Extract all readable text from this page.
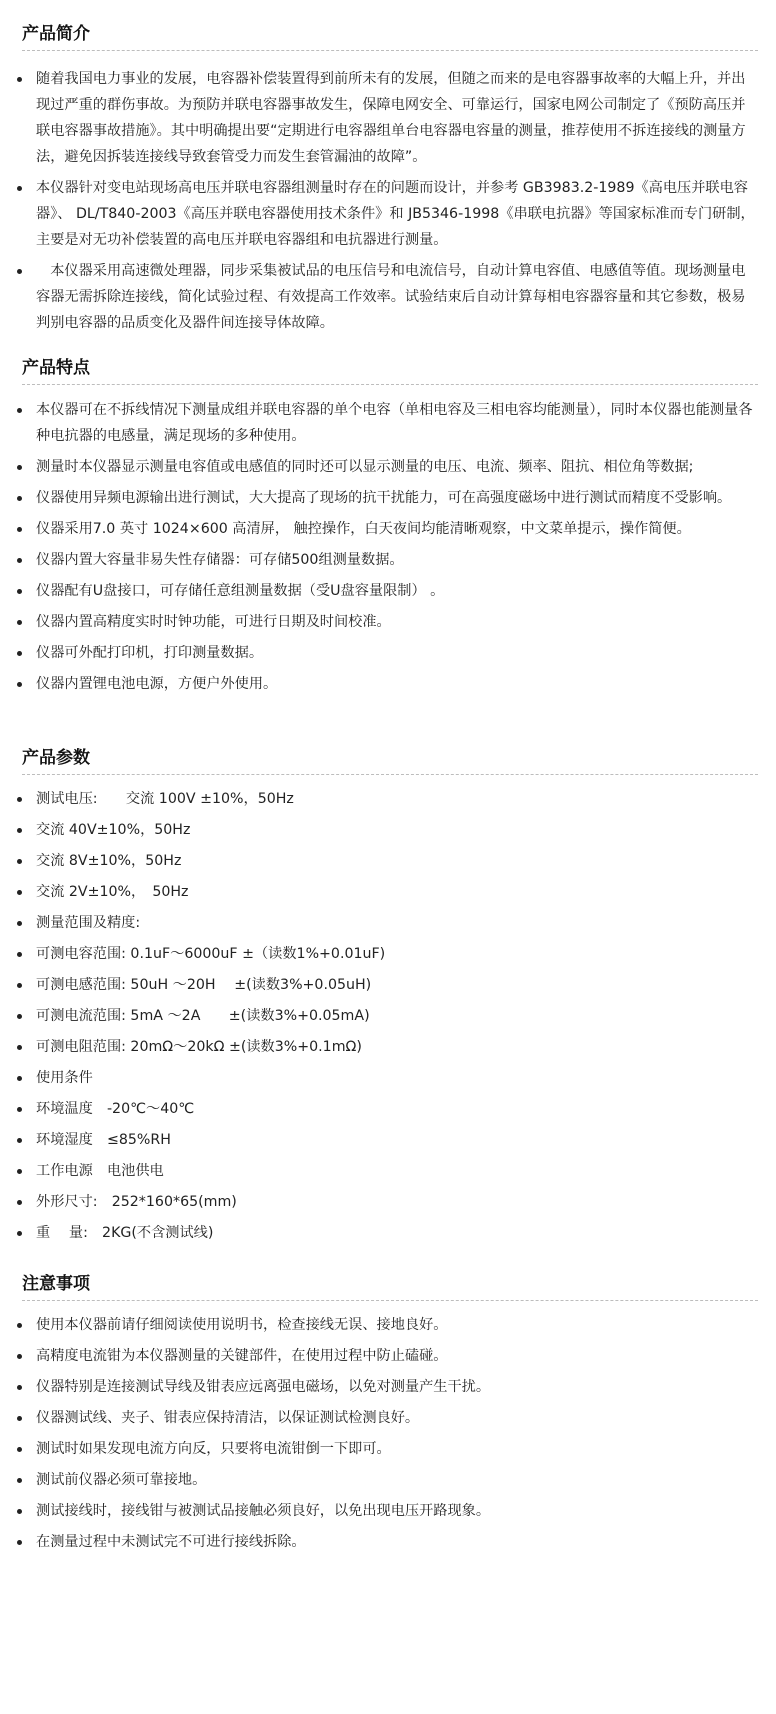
产品简介
随着我国电力事业的发展，电容器补偿装置得到前所未有的发展，但随之而来的是电容器事故率的大幅上升，并出现过严重的群伤事故。为预防并联电容器事故发生，保障电网安全、可靠运行，国家电网公司制定了《预防高压并联电容器事故措施》。其中明确提出要“定期进行电容器组单台电容器电容量的测量，推荐使用不拆连接线的测量方法，避免因拆装连接线导致套管受力而发生套管漏油的故障”。
本仪器针对变电站现场高电压并联电容器组测量时存在的问题而设计，并参考 GB3983.2-1989《高电压并联电容器》、 DL/T840-2003《高压并联电容器使用技术条件》和 JB5346-1998《串联电抗器》等国家标准而专门研制，主要是对无功补偿装置的高电压并联电容器组和电抗器进行测量。
　本仪器采用高速微处理器，同步采集被试品的电压信号和电流信号，自动计算电容值、电感值等值。现场测量电容器无需拆除连接线，简化试验过程、有效提高工作效率。试验结束后自动计算每相电容器容量和其它参数，极易判别电容器的品质变化及器件间连接导体故障。
产品特点
本仪器可在不拆线情况下测量成组并联电容器的单个电容（单相电容及三相电容均能测量），同时本仪器也能测量各种电抗器的电感量，满足现场的多种使用。
测量时本仪器显示测量电容值或电感值的同时还可以显示测量的电压、电流、频率、阻抗、相位角等数据;
仪器使用异频电源输出进行测试，大大提高了现场的抗干扰能力，可在高强度磁场中进行测试而精度不受影响。
仪器采用7.0 英寸 1024×600 高清屏， 触控操作，白天夜间均能清晰观察，中文菜单提示，操作简便。
仪器内置大容量非易失性存储器：可存储500组测量数据。
仪器配有U盘接口，可存储任意组测量数据（受U盘容量限制） 。
仪器内置高精度实时时钟功能，可进行日期及时间校准。
仪器可外配打印机，打印测量数据。
仪器内置锂电池电源，方便户外使用。
产品参数
测试电压:　　交流 100V ±10%，50Hz
交流 40V±10%，50Hz
交流 8V±10%，50Hz
交流 2V±10%，　50Hz
测量范围及精度:
可测电容范围: 0.1uF～6000uF ±（读数1%+0.01uF)
可测电感范围: 50uH ～20H　 ±(读数3%+0.05uH)
可测电流范围: 5mA ～2A　　±(读数3%+0.05mA)
可测电阻范围: 20mΩ～20kΩ ±(读数3%+0.1mΩ)
使用条件
环境温度　-20℃～40℃
环境湿度　≤85%RH
工作电源　电池供电
外形尺寸:　252*160*65(mm)
重　 量:　2KG(不含测试线)
注意事项
使用本仪器前请仔细阅读使用说明书，检查接线无误、接地良好。
高精度电流钳为本仪器测量的关键部件，在使用过程中防止磕碰。
仪器特别是连接测试导线及钳表应远离强电磁场，以免对测量产生干扰。
仪器测试线、夹子、钳表应保持清洁，以保证测试检测良好。
测试时如果发现电流方向反，只要将电流钳倒一下即可。
测试前仪器必须可靠接地。
测试接线时，接线钳与被测试品接触必须良好，以免出现电压开路现象。
在测量过程中未测试完不可进行接线拆除。
